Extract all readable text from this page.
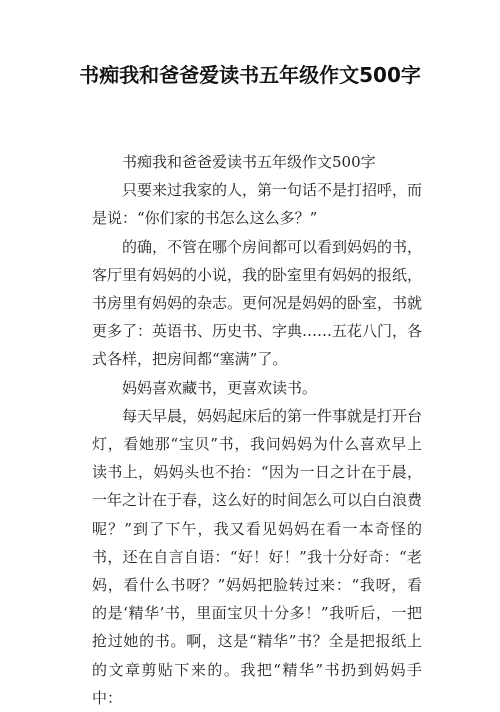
书痴我和爸爸爱读书五年级作文500字

书痴我和爸爸爱读书五年级作文500字

只要来过我家的人，第一句话不是打招呼，而是说：“你们家的书怎么这么多？”

的确，不管在哪个房间都可以看到妈妈的书，客厅里有妈妈的小说，我的卧室里有妈妈的报纸，书房里有妈妈的杂志。更何况是妈妈的卧室，书就更多了：英语书、历史书、字典……五花八门，各式各样，把房间都“塞满”了。

妈妈喜欢藏书，更喜欢读书。

每天早晨，妈妈起床后的第一件事就是打开台灯，看她那“宝贝”书，我问妈妈为什么喜欢早上读书上，妈妈头也不抬：“因为一日之计在于晨，一年之计在于春，这么好的时间怎么可以白白浪费呢？”到了下午，我又看见妈妈在看一本奇怪的书，还在自言自语：“好！好！”我十分好奇：“老妈，看什么书呀？”妈妈把脸转过来：“我呀，看的是‘精华’书，里面宝贝十分多！”我听后，一把抢过她的书。啊，这是“精华”书？全是把报纸上的文章剪贴下来的。我把“精华”书扔到妈妈手中：
